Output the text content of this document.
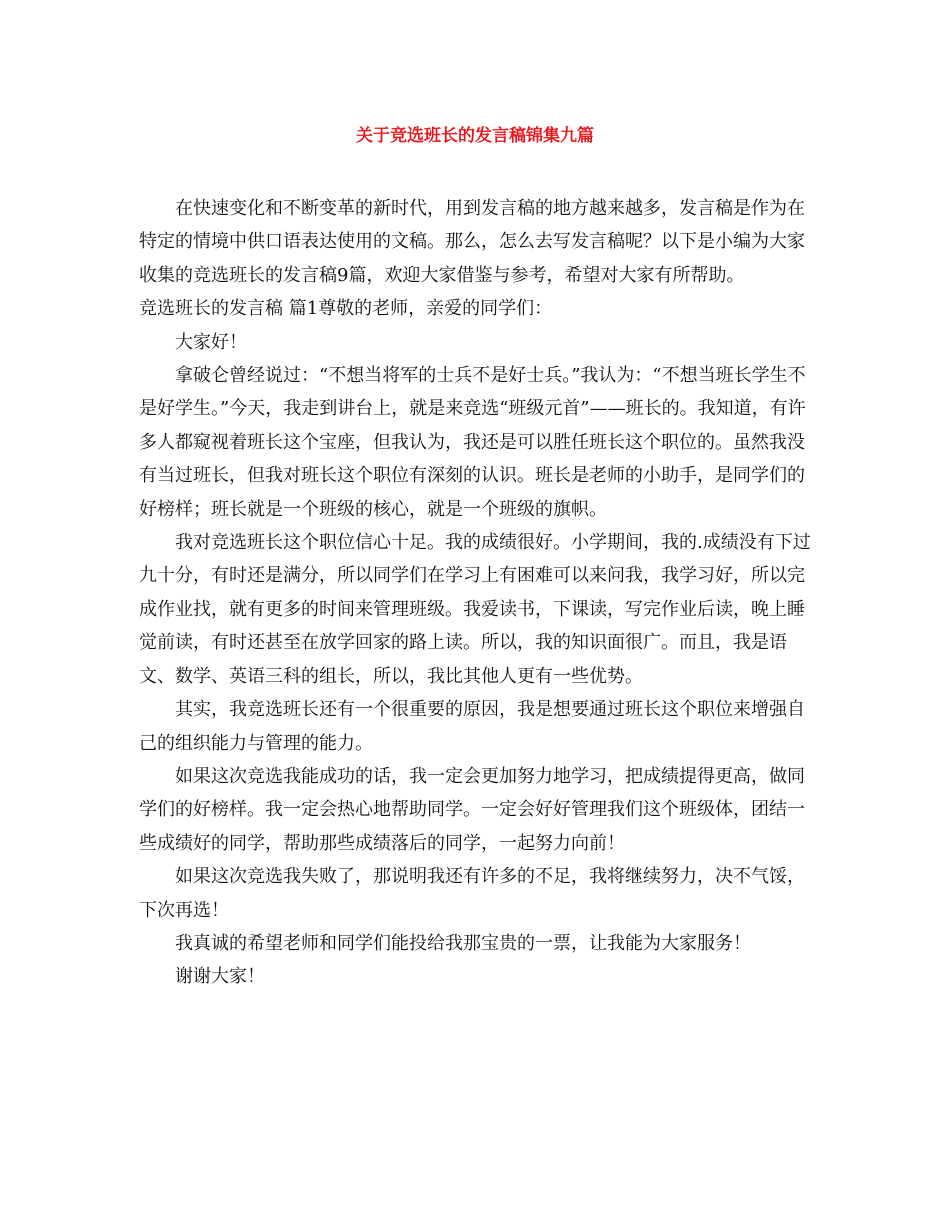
关于竞选班长的发言稿锦集九篇

在快速变化和不断变革的新时代，用到发言稿的地方越来越多，发言稿是作为在特定的情境中供口语表达使用的文稿。那么，怎么去写发言稿呢？以下是小编为大家收集的竞选班长的发言稿9篇，欢迎大家借鉴与参考，希望对大家有所帮助。

竞选班长的发言稿 篇1尊敬的老师，亲爱的同学们：

大家好！

拿破仑曾经说过：“不想当将军的士兵不是好士兵。”我认为：“不想当班长学生不是好学生。”今天，我走到讲台上，就是来竞选“班级元首”——班长的。我知道，有许多人都窥视着班长这个宝座，但我认为，我还是可以胜任班长这个职位的。虽然我没有当过班长，但我对班长这个职位有深刻的认识。班长是老师的小助手，是同学们的好榜样；班长就是一个班级的核心，就是一个班级的旗帜。

我对竞选班长这个职位信心十足。我的成绩很好。小学期间，我的.成绩没有下过九十分，有时还是满分，所以同学们在学习上有困难可以来问我，我学习好，所以完成作业找，就有更多的时间来管理班级。我爱读书，下课读，写完作业后读，晚上睡觉前读，有时还甚至在放学回家的路上读。所以，我的知识面很广。而且，我是语文、数学、英语三科的组长，所以，我比其他人更有一些优势。

其实，我竞选班长还有一个很重要的原因，我是想要通过班长这个职位来增强自己的组织能力与管理的能力。

如果这次竞选我能成功的话，我一定会更加努力地学习，把成绩提得更高，做同学们的好榜样。我一定会热心地帮助同学。一定会好好管理我们这个班级体，团结一些成绩好的同学，帮助那些成绩落后的同学，一起努力向前！

如果这次竞选我失败了，那说明我还有许多的不足，我将继续努力，决不气馁，下次再选！

我真诚的希望老师和同学们能投给我那宝贵的一票，让我能为大家服务！

谢谢大家！
